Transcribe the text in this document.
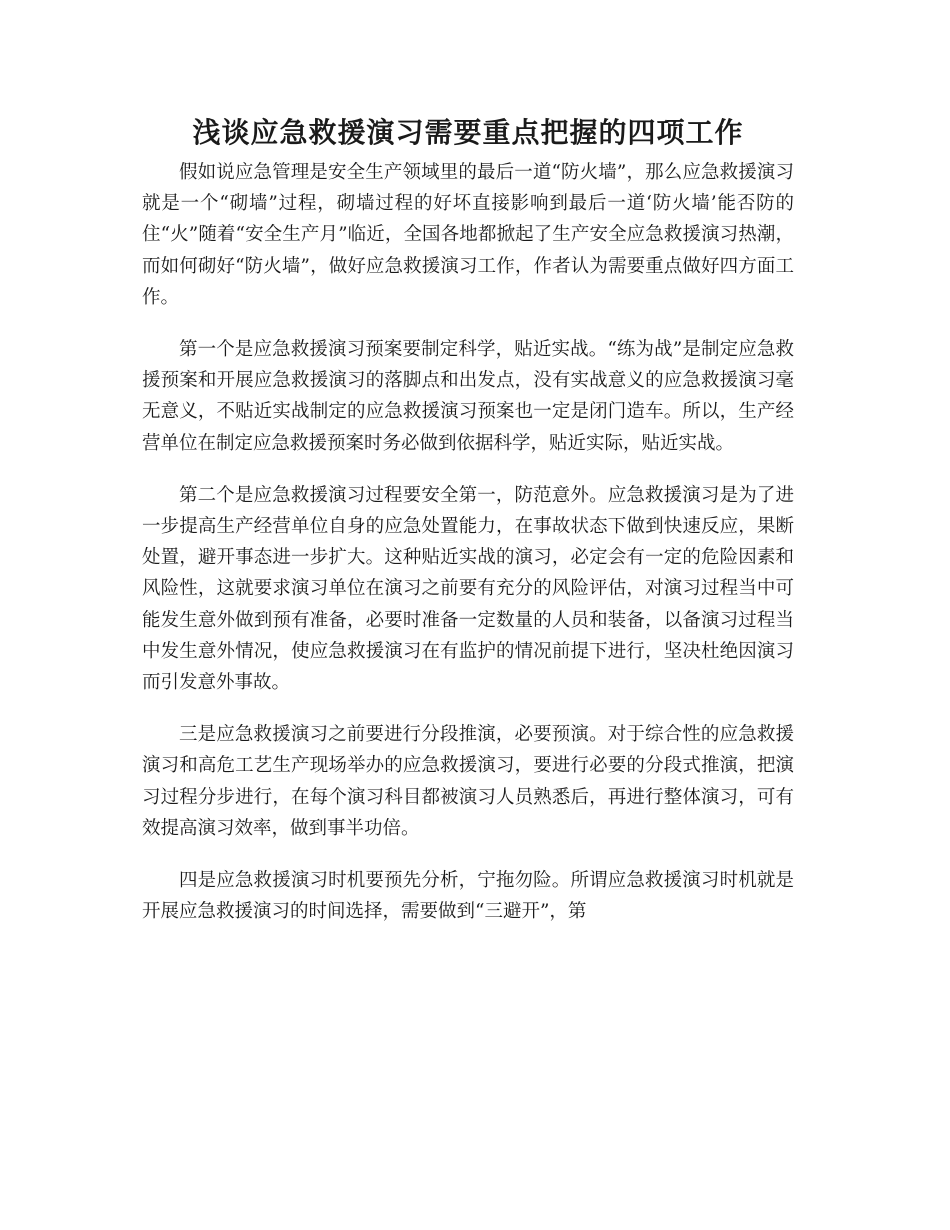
浅谈应急救援演习需要重点把握的四项工作

假如说应急管理是安全生产领域里的最后一道“防火墙”，那么应急救援演习就是一个“砌墙”过程，砌墙过程的好坏直接影响到最后一道‘防火墙’能否防的住“火”随着“安全生产月”临近，全国各地都掀起了生产安全应急救援演习热潮，而如何砌好“防火墙”，做好应急救援演习工作，作者认为需要重点做好四方面工作。

第一个是应急救援演习预案要制定科学，贴近实战。“练为战”是制定应急救援预案和开展应急救援演习的落脚点和出发点，没有实战意义的应急救援演习毫无意义，不贴近实战制定的应急救援演习预案也一定是闭门造车。所以，生产经营单位在制定应急救援预案时务必做到依据科学，贴近实际，贴近实战。

第二个是应急救援演习过程要安全第一，防范意外。应急救援演习是为了进一步提高生产经营单位自身的应急处置能力，在事故状态下做到快速反应，果断处置，避开事态进一步扩大。这种贴近实战的演习，必定会有一定的危险因素和风险性，这就要求演习单位在演习之前要有充分的风险评估，对演习过程当中可能发生意外做到预有准备，必要时准备一定数量的人员和装备，以备演习过程当中发生意外情况，使应急救援演习在有监护的情况前提下进行，坚决杜绝因演习而引发意外事故。

三是应急救援演习之前要进行分段推演，必要预演。对于综合性的应急救援演习和高危工艺生产现场举办的应急救援演习，要进行必要的分段式推演，把演习过程分步进行，在每个演习科目都被演习人员熟悉后，再进行整体演习，可有效提高演习效率，做到事半功倍。

四是应急救援演习时机要预先分析，宁拖勿险。所谓应急救援演习时机就是开展应急救援演习的时间选择，需要做到“三避开”，第
